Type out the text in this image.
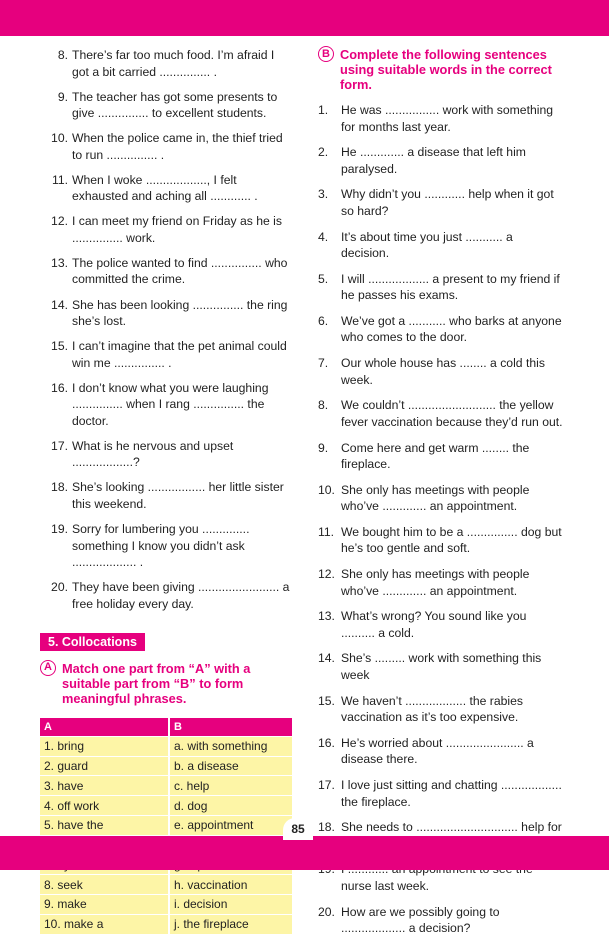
8. There’s far too much food. I’m afraid I got a bit carried ............... .
9. The teacher has got some presents to give ............... to excellent students.
10. When the police came in, the thief tried to run ............... .
11. When I woke .................., I felt exhausted and aching all ............ .
12. I can meet my friend on Friday as he is ............... work.
13. The police wanted to find ............... who committed the crime.
14. She has been looking ............... the ring she’s lost.
15. I can’t imagine that the pet animal could win me ............... .
16. I don’t know what you were laughing ............... when I rang ............... the doctor.
17. What is he nervous and upset ..................?
18. She’s looking ................. her little sister this weekend.
19. Sorry for lumbering you .............. something I know you didn’t ask ................... .
20. They have been giving ........................ a free holiday every day.
5. Collocations
A Match one part from “A” with a suitable part from “B” to form meaningful phrases.
A	B
1. bring	a. with something
2. guard	b. a disease
3. have	c. help
4. off work	d. dog
5. have the	e. appointment

8. seek	h. vaccination
9. make	i. decision
10. make a	j. the fireplace
B Complete the following sentences using suitable words in the correct form.
1.	He was ................ work with something for months last year.
2.	He ............. a disease that left him paralysed.
3.	Why didn’t you ............ help when it got so hard?
4.	It’s about time you just ........... a decision.
5.	I will .................. a present to my friend if he passes his exams.
6.	We’ve got a ........... who barks at anyone who comes to the door.
7.	Our whole house has ........ a cold this week.
8.	We couldn’t .......................... the yellow fever vaccination because they’d run out.
9.	Come here and get warm ........ the fireplace.
10. She only has meetings with people who’ve ............. an appointment.
11. We bought him to be a ............... dog but he’s too gentle and soft.
12. She only has meetings with people who’ve ............. an appointment.
13. What’s wrong? You sound like you .......... a cold.
14. She’s ......... work with something this week
15. We haven’t .................. the rabies vaccination as it’s too expensive.
16. He’s worried about ....................... a disease there.
17. I love just sitting and chatting .................. the fireplace.
18. She needs to .............................. help for
nurse last week.
20. How are we possibly going to ................... a decision?
85
